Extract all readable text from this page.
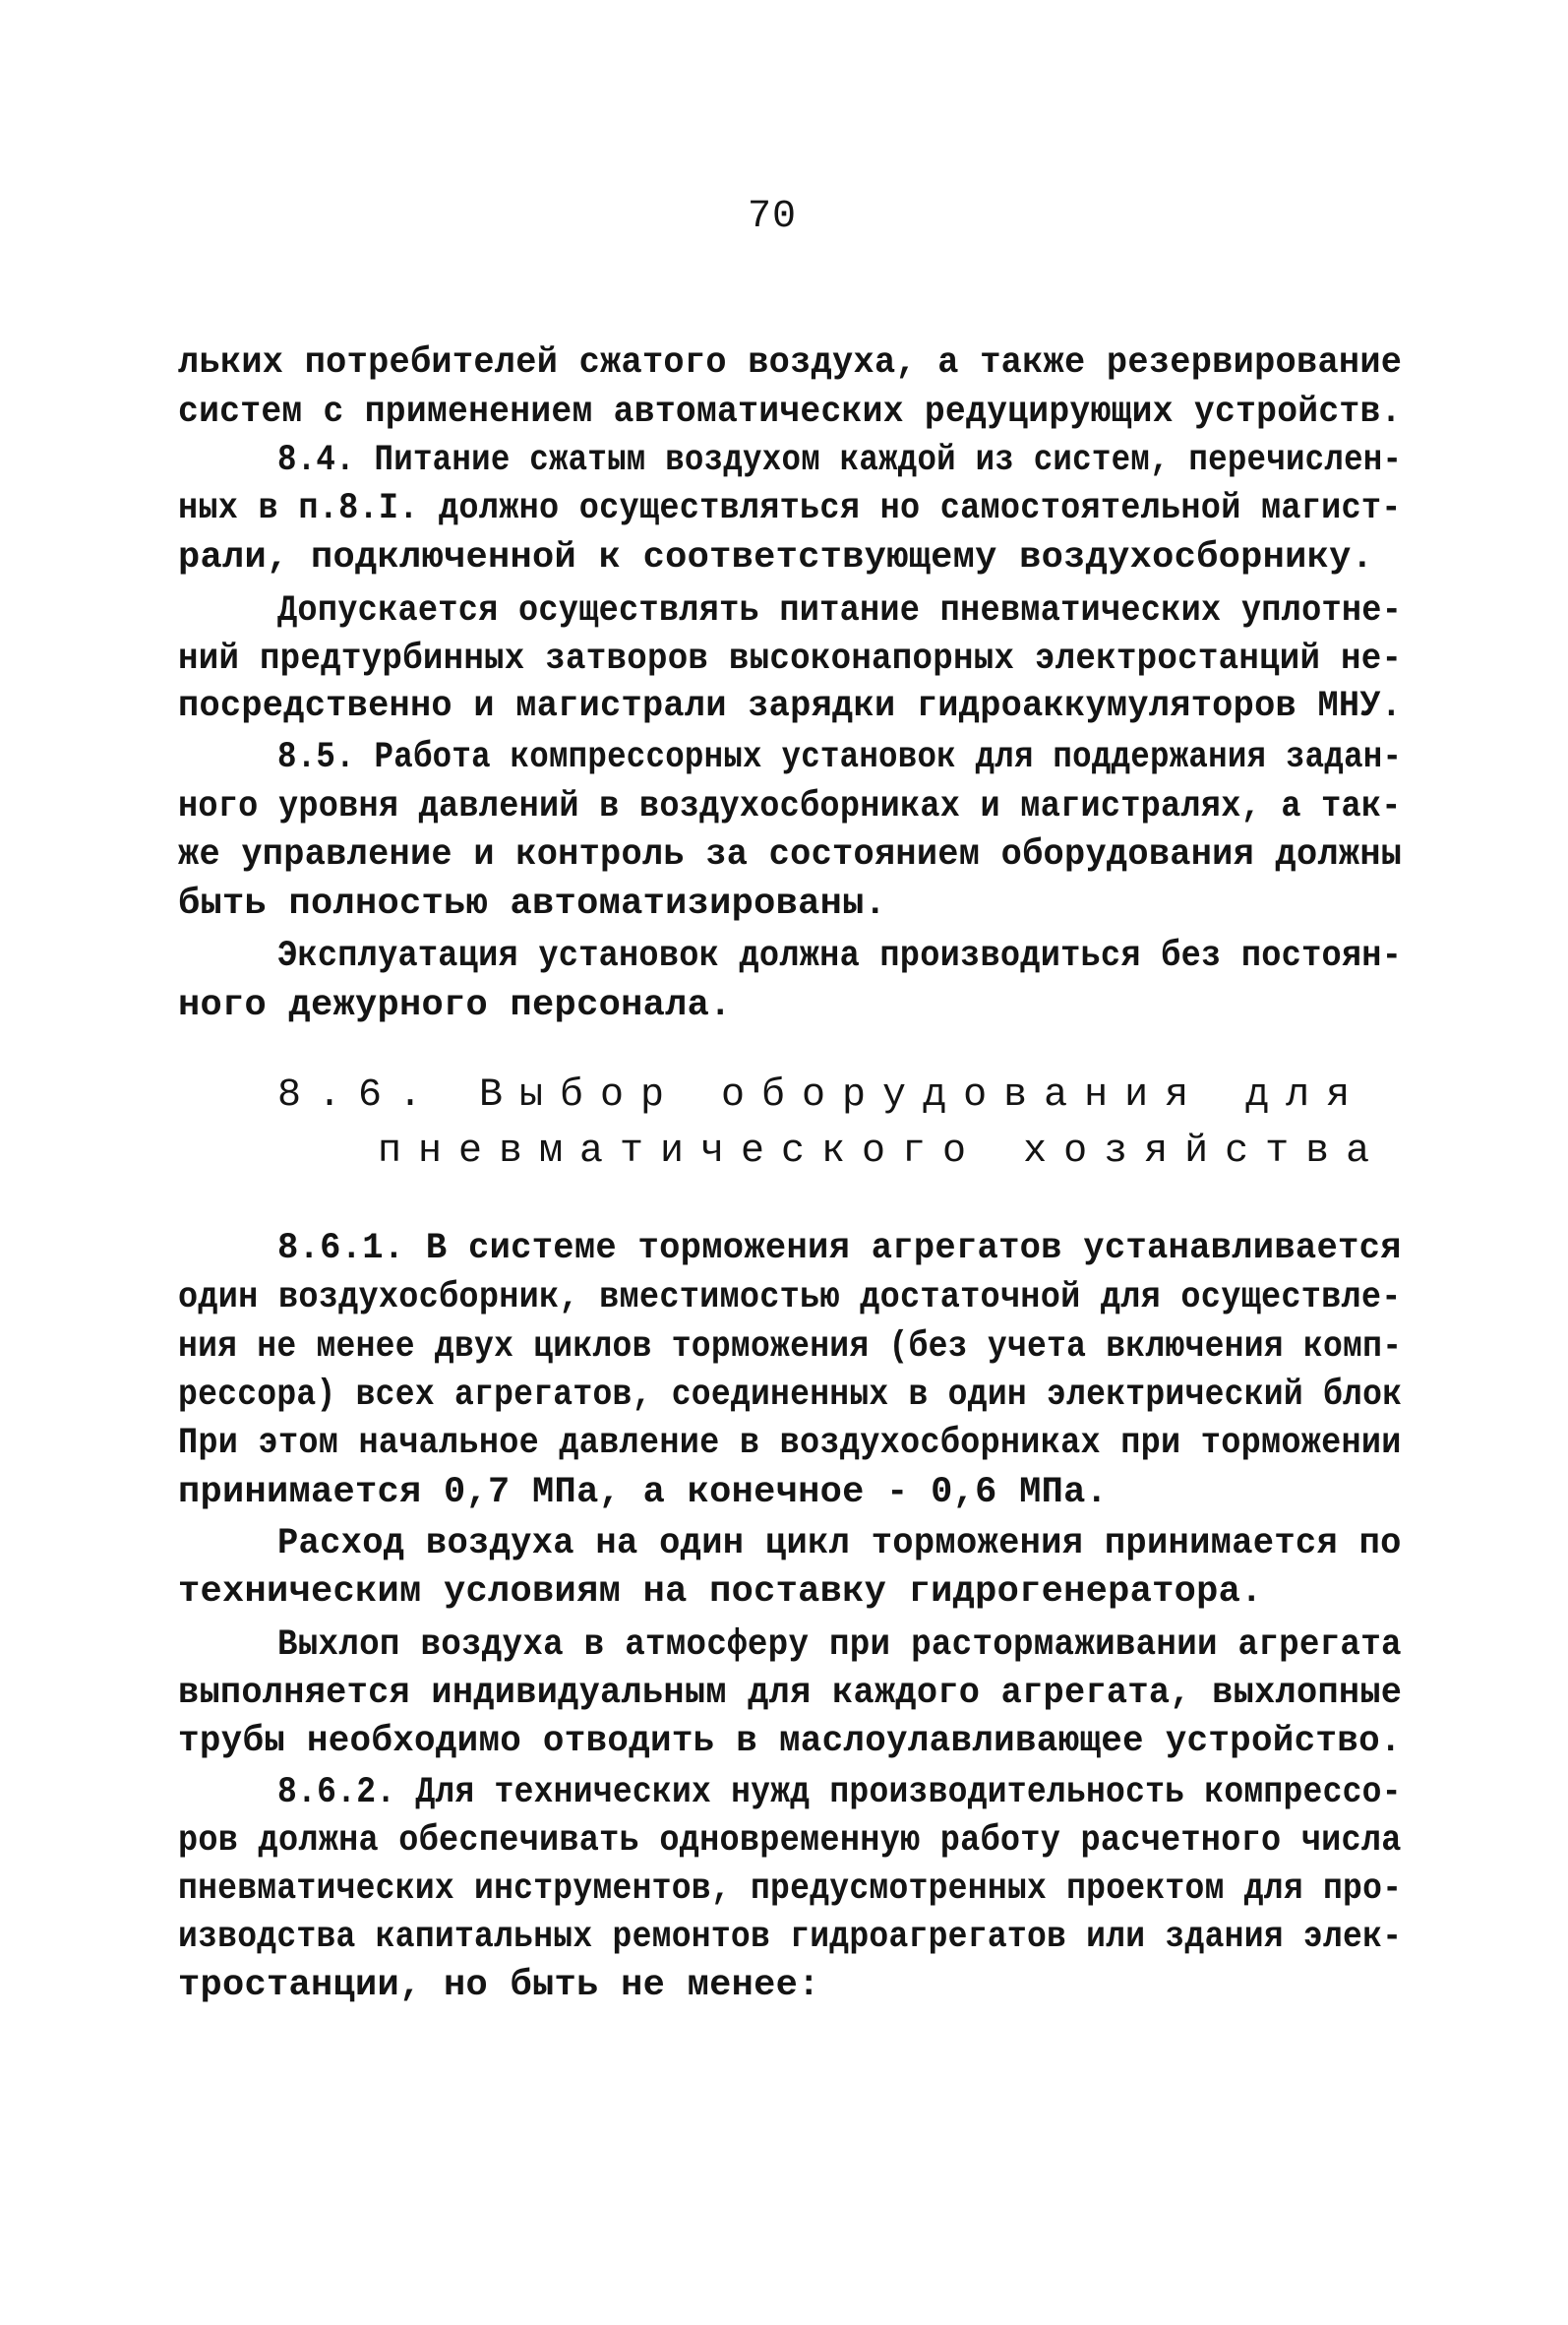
70
льких потребителей сжатого воздуха, а также резервирование
систем с применением автоматических редуцирующих устройств.
8.4. Питание сжатым воздухом каждой из систем, перечислен-
ных в п.8.I. должно осуществляться но самостоятельной магист-
рали, подключенной к соответствующему воздухосборнику.
Допускается осуществлять питание пневматических уплотне-
ний предтурбинных затворов высоконапорных электростанций не-
посредственно и магистрали зарядки гидроаккумуляторов МНУ.
8.5. Работа компрессорных установок для поддержания задан-
ного уровня давлений в воздухосборниках и магистралях, а так-
же управление и контроль за состоянием оборудования должны
быть полностью автоматизированы.
Эксплуатация установок должна производиться без постоян-
ного дежурного персонала.
8.6.1. В системе торможения агрегатов устанавливается
один воздухосборник, вместимостью достаточной для осуществле-
ния не менее двух циклов торможения (без учета включения комп-
рессора) всех агрегатов, соединенных в один электрический блок
При этом начальное давление в воздухосборниках при торможении
принимается 0,7 МПа, а конечное - 0,6 МПа.
Расход воздуха на один цикл торможения принимается по
техническим условиям на поставку гидрогенератора.
Выхлоп воздуха в атмосферу при растормаживании агрегата
выполняется индивидуальным для каждого агрегата, выхлопные
трубы необходимо отводить в маслоулавливающее устройство.
8.6.2. Для технических нужд производительность компрессо-
ров должна обеспечивать одновременную работу расчетного числа
пневматических инструментов, предусмотренных проектом для про-
изводства капитальных ремонтов гидроагрегатов или здания элек-
тростанции, но быть не менее:
8.6. Выбор оборудования для
пневматического хозяйства
